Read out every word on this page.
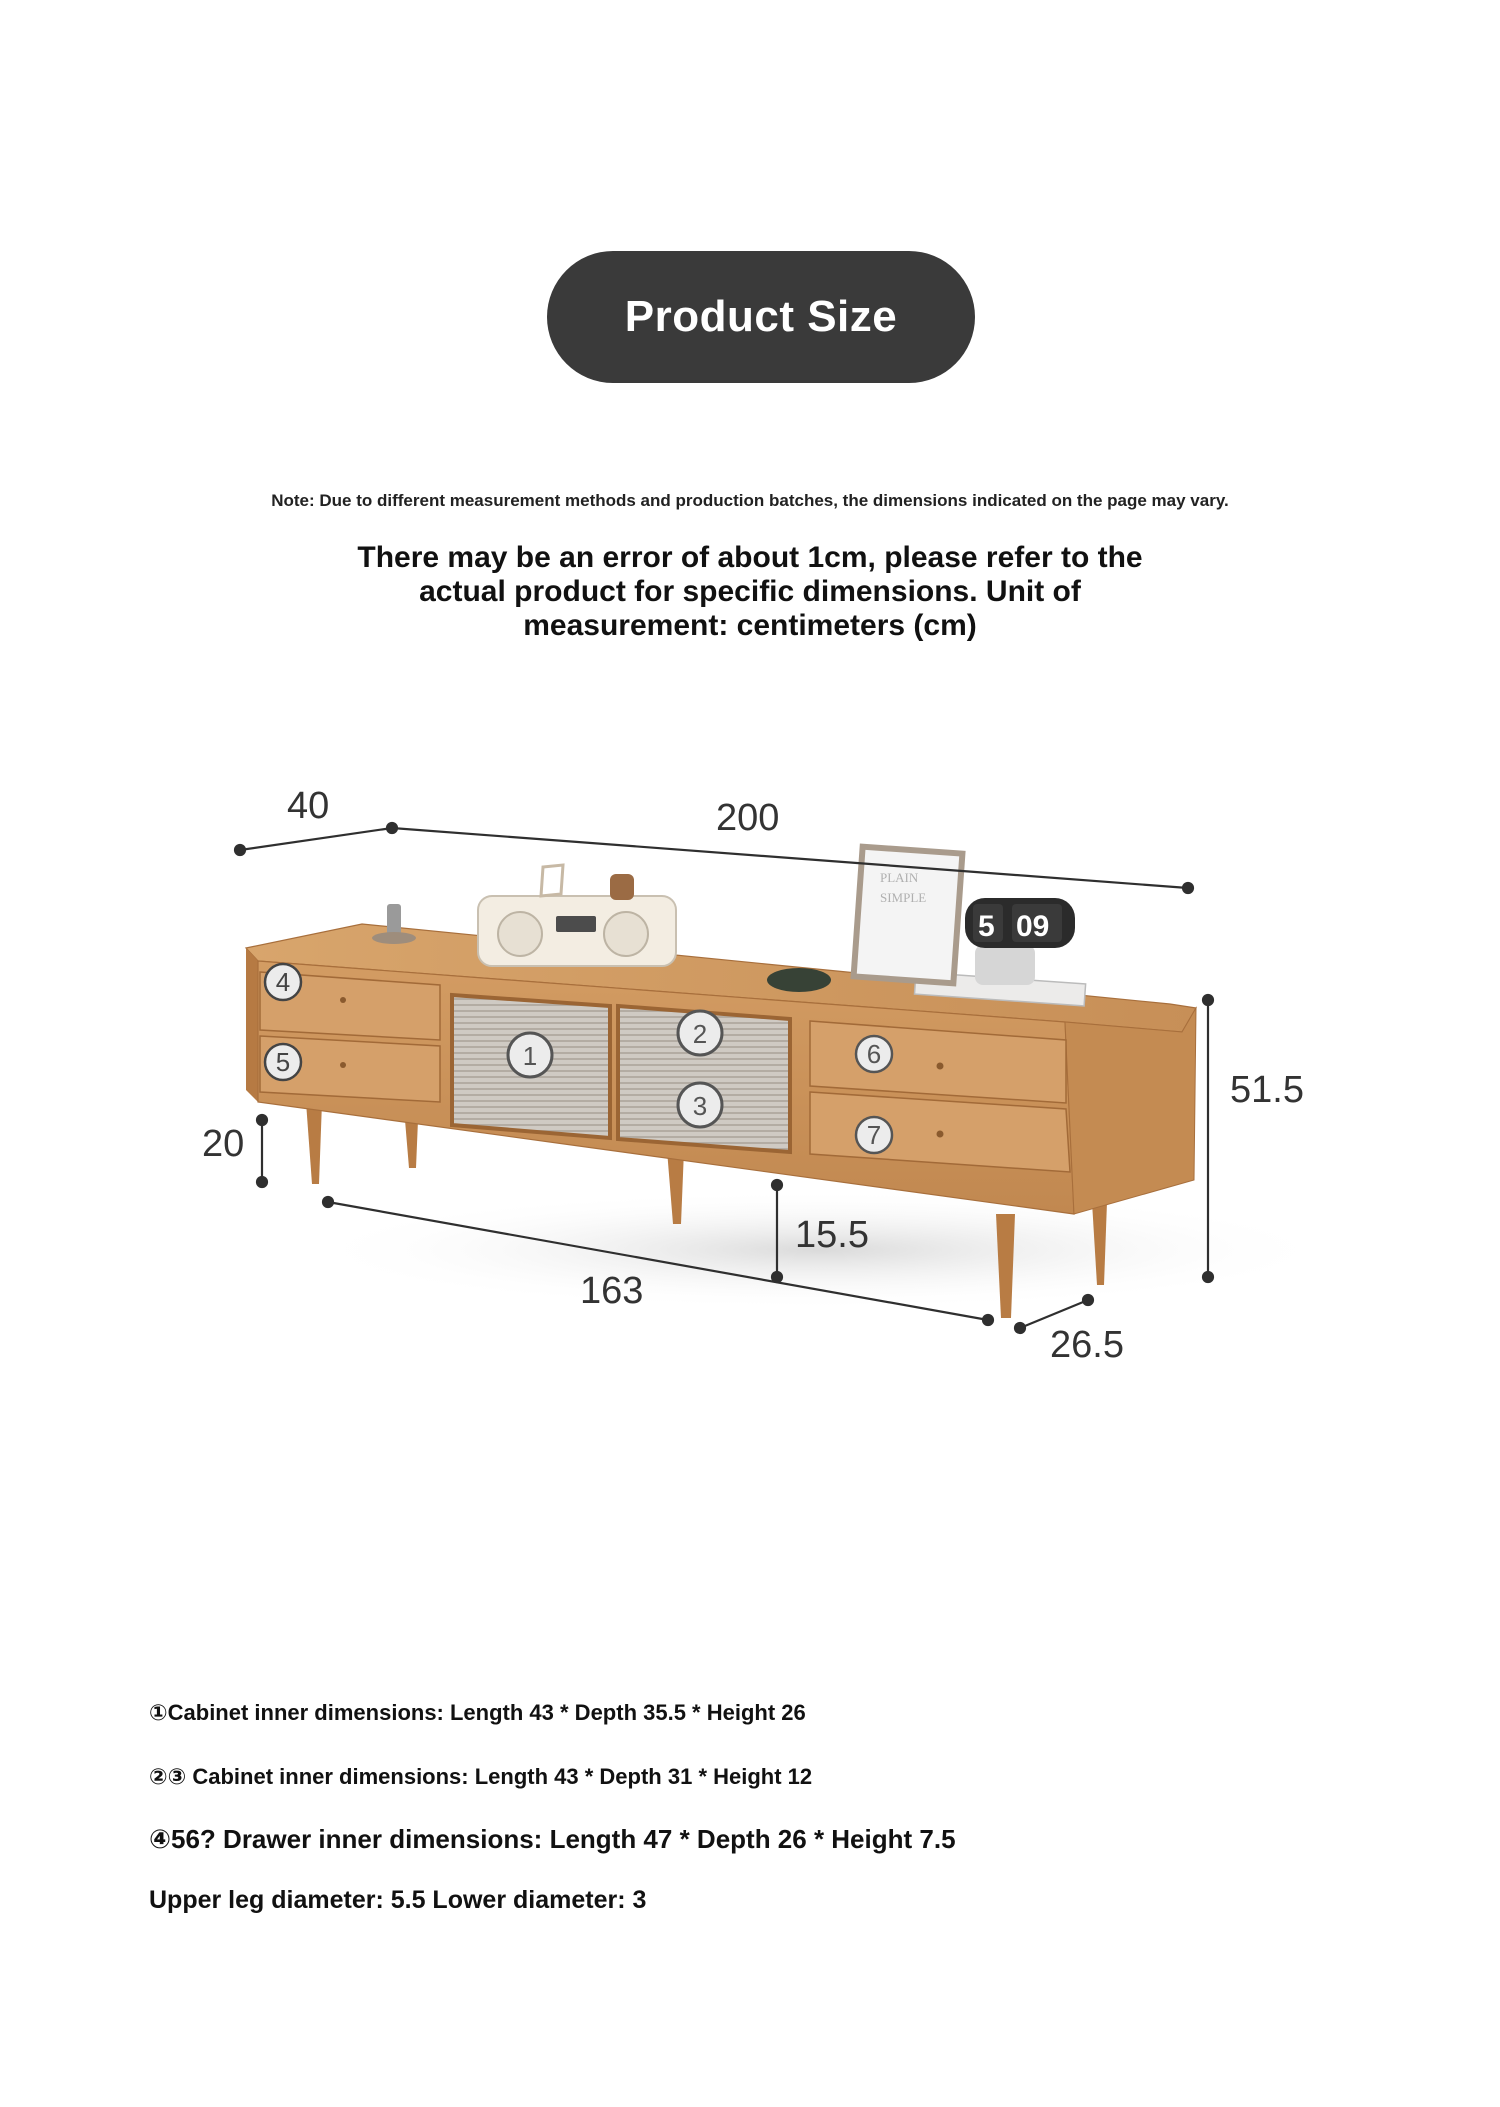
Product Size
Note: Due to different measurement methods and production batches, the dimensions indicated on the page may vary.
There may be an error of about 1cm, please refer to the actual product for specific dimensions. Unit of measurement: centimeters (cm)
PLAIN
SIMPLE
5 09
40	200
51.5
20
163
15.5
26.5
4
5	1
2
3
6
7
①Cabinet inner dimensions: Length 43 * Depth 35.5 * Height 26
②③ Cabinet inner dimensions: Length 43 * Depth 31 * Height 12
④56? Drawer inner dimensions: Length 47 * Depth 26 * Height 7.5
Upper leg diameter: 5.5 Lower diameter: 3
